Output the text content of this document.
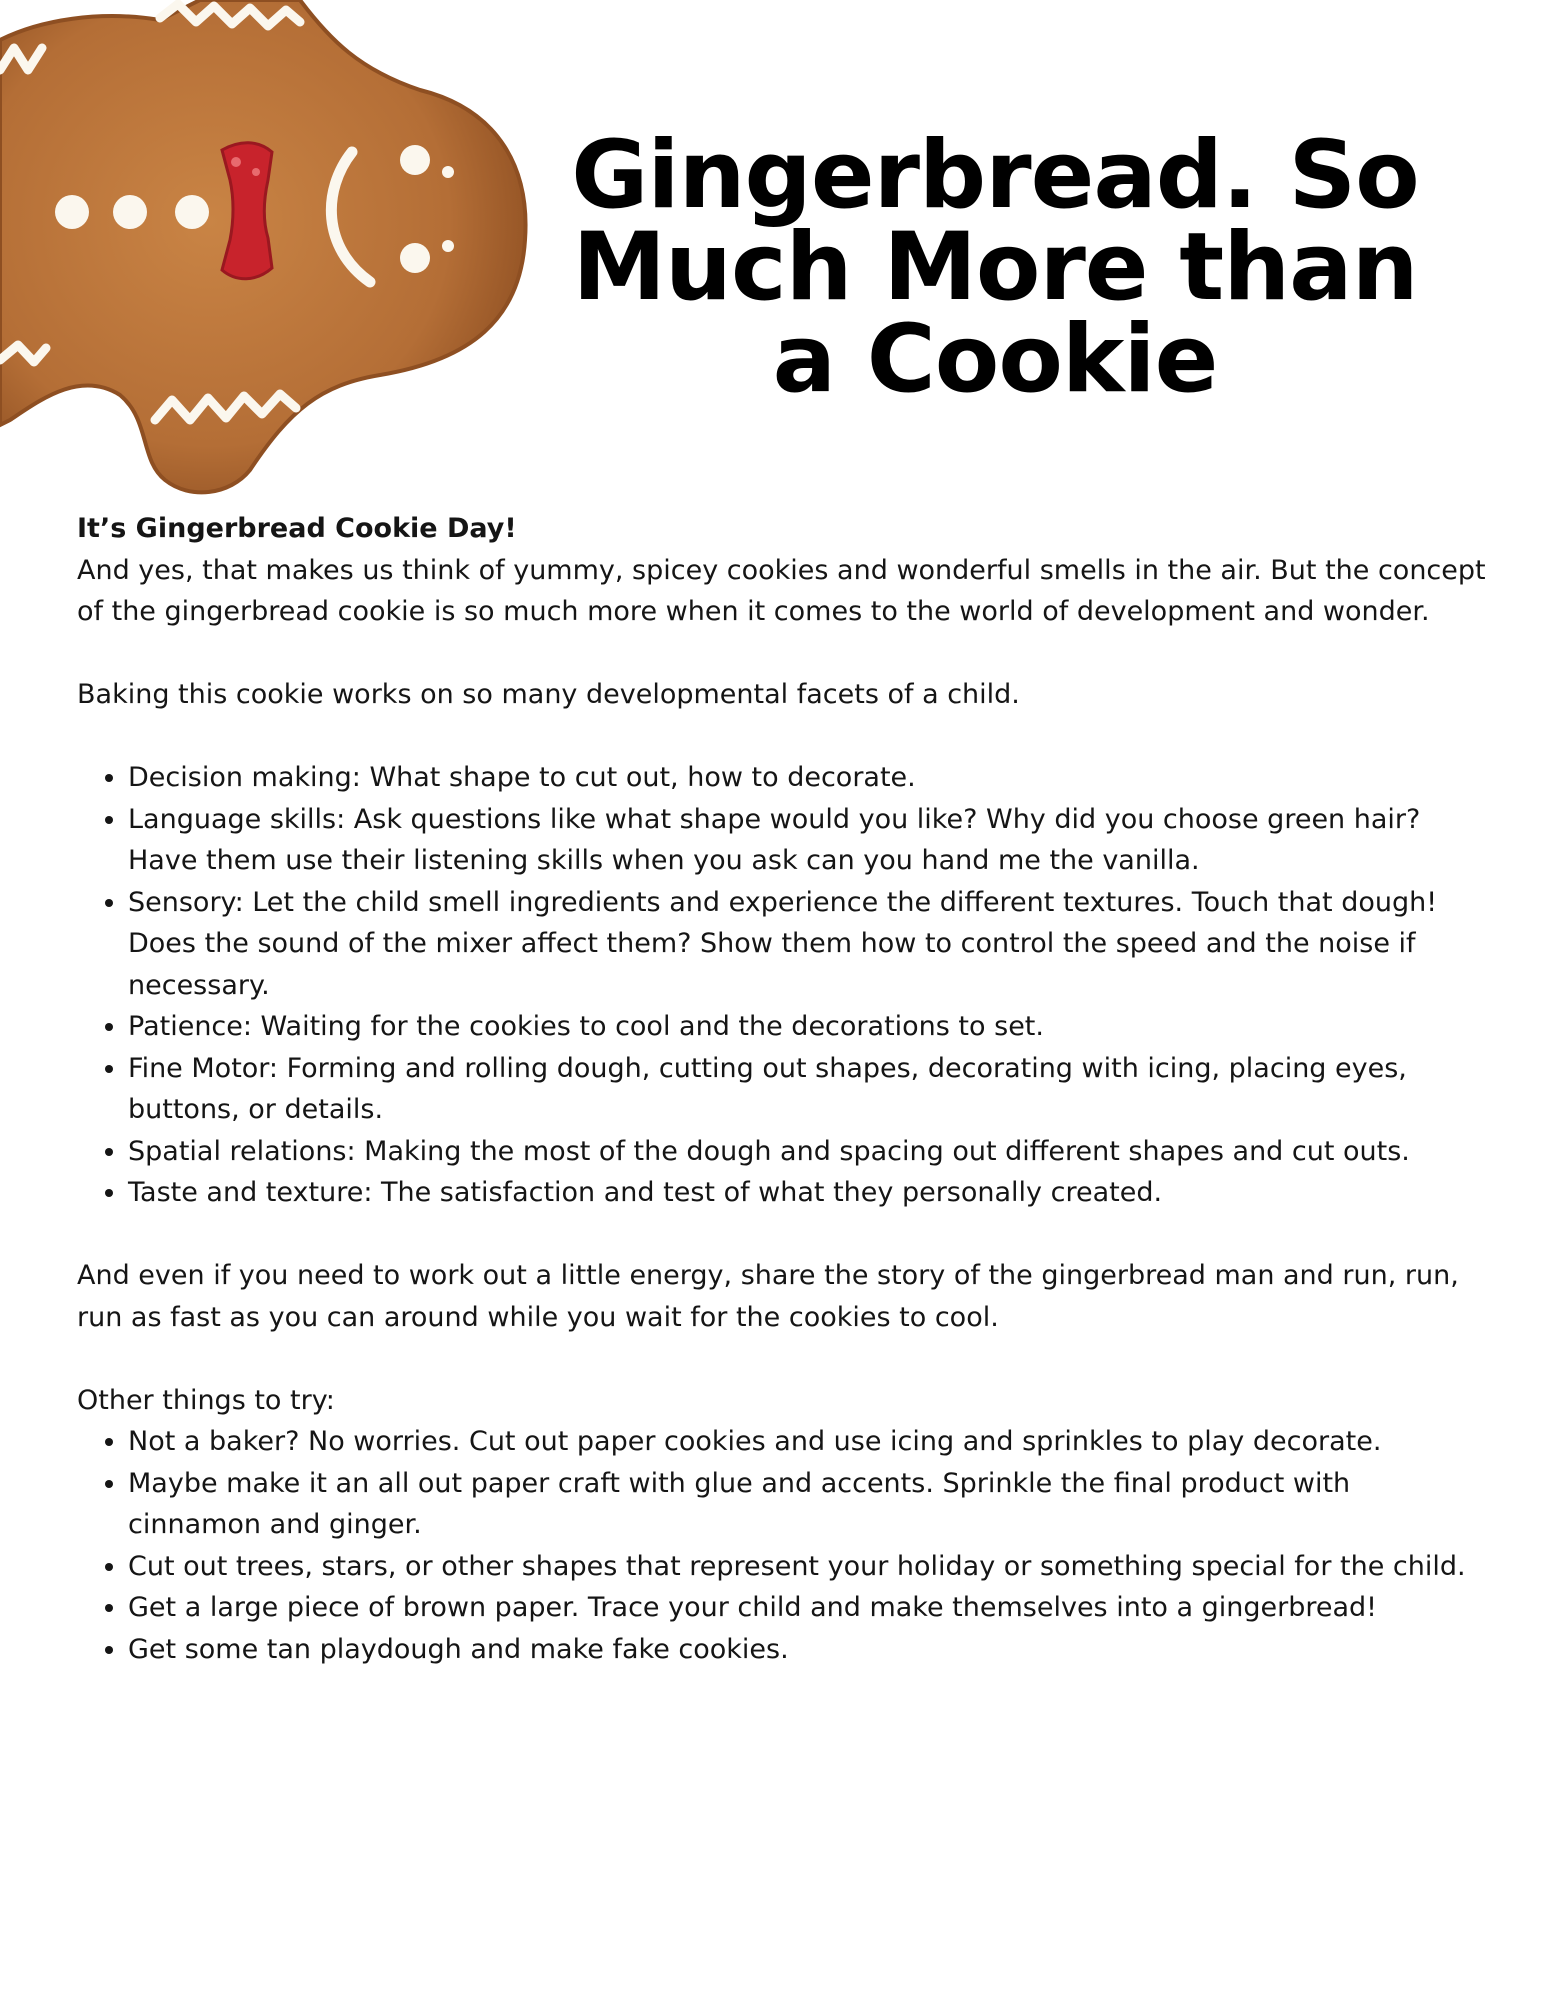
Gingerbread. So Much More than a Cookie

It’s Gingerbread Cookie Day!

And yes, that makes us think of yummy, spicey cookies and wonderful smells in the air. But the concept of the gingerbread cookie is so much more when it comes to the world of development and wonder.

Baking this cookie works on so many developmental facets of a child.

• Decision making: What shape to cut out, how to decorate.
• Language skills: Ask questions like what shape would you like? Why did you choose green hair? Have them use their listening skills when you ask can you hand me the vanilla.
• Sensory: Let the child smell ingredients and experience the different textures. Touch that dough! Does the sound of the mixer affect them? Show them how to control the speed and the noise if necessary.
• Patience: Waiting for the cookies to cool and the decorations to set.
• Fine Motor: Forming and rolling dough, cutting out shapes, decorating with icing, placing eyes, buttons, or details.
• Spatial relations: Making the most of the dough and spacing out different shapes and cut outs.
• Taste and texture: The satisfaction and test of what they personally created.

And even if you need to work out a little energy, share the story of the gingerbread man and run, run, run as fast as you can around while you wait for the cookies to cool.

Other things to try:

• Not a baker? No worries. Cut out paper cookies and use icing and sprinkles to play decorate.
• Maybe make it an all out paper craft with glue and accents. Sprinkle the final product with cinnamon and ginger.
• Cut out trees, stars, or other shapes that represent your holiday or something special for the child.
• Get a large piece of brown paper. Trace your child and make themselves into a gingerbread!
• Get some tan playdough and make fake cookies.
